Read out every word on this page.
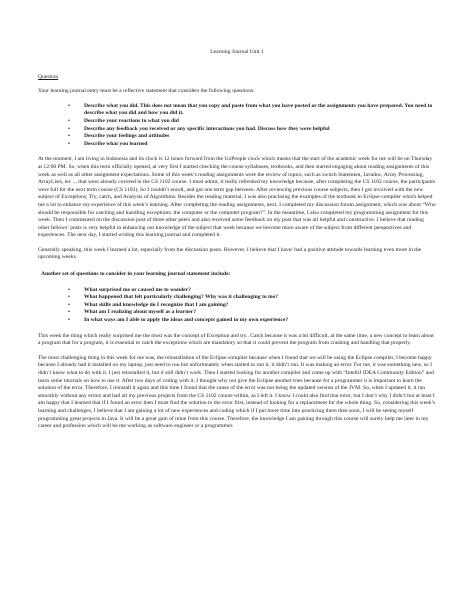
Learning Journal Unit 1
Question
Your learning journal entry must be a reflective statement that considers the following questions:
•	Describe what you did. This does not mean that you copy and paste from what you have posted or the assignments you have prepared. You need to describe what you did and how you did it.
•	Describe your reactions to what you did
•	Describe any feedback you received or any specific interactions you had. Discuss how they were helpful
•	Describe your feelings and attitudes
•	Describe what you learned
At the moment, I am living in Indonesia and its clock is 12 hours forward from the UoPeople clock which means that the start of the academic week for me will be on Thursday at 12:00 PM. So, when this term officially opened, at very first I started checking the course syllabuses, textbooks, and then started engaging about reading assignments of this week as well as all other assignment expectations. Some of this week’s reading assignments were the review of topics, such as switch Statement, Javadoc, Array Processing, ArrayLists, etc .., that were already covered in the CS 1102 course. I must admit, it really refreshed my knowledge because, after completing the CS 1102 course, the participants were full for the next term course (CS 1103), So I couldn’t enroll, and got one term gap between. After reviewing previous course subjects, then I got involved with the new subject of Exceptions, Try, catch, and Analysis of Algorithms. Besides the reading material, I was also practising the examples of the textbook in Eclipse compiler which helped me a lot to enhance my experience of this week’s learning. After completing the reading assignments, next, I completed my discussion forum assignment, which was about “Who should be responsible for catching and handling exceptions: the computer or the computer program?”. In the meantime, I also completed my programming assignment for this week. Then I commented on the discussion post of three other peers and also received some feedback on my post that was all helpful and constructive. I believe that reading other fellows’ posts is very helpful in enhancing our knowledge of the subject that week because we become more aware of the subject from different perspectives and experiences. The next day, I started writing this learning journal and completed it.
Generally speaking, this week I learned a lot, especially from the discussion posts. However, I believe that I have/ had a positive attitude towards learning even more in the upcoming weeks.
Another set of questions to consider in your learning journal statement include:
•	What surprised me or caused me to wonder?
•	What happened that felt particularly challenging? Why was it challenging to me?
•	What skills and knowledge do I recognize that I am gaining?
•	What am I realizing about myself as a learner?
•	In what ways am I able to apply the ideas and concepts gained to my own experience?
This week the thing which really surprised me the most was the concept of Exception and try.. Catch because it was a bit difficult, at the same time, a new concept to learn about a program that for a program, it is essential to catch the exceptions which are mandatory so that it could prevent the program from crashing and handling that properly.
The most challenging thing in this week for me was, the reinstallation of the Eclipse compiler because when I found that we will be using the Eclipse compiler, I become happy because I already had it installed on my laptop, just need to run but unfortunately when started to run it, it didn’t run. It was making an error. For me, it was something new, so I didn’t know what to do with it. I just reinstalled it, but it still didn’t work. Then I started looking for another compiler and come up with “IntelliJ IDEA Community Edition” and learn some tutorials on how to use it. After two days of coding with it, I thought why not give the Eclipse another tries because for a programmer it is important to learn the solution of the error. Therefore, I reinstall it again and this time I found that the cause of the error was not being the updated version of the JVM. So, when I updated it, it ran smoothly without any errors and had all my previous projects from the CS 1102 course within, as I left it. I know I could also find that error, but I don’t why I didn’t but at least I am happy that I learned that if I found an error then I must find the solution to the error first, instead of looking for a replacement for the whole thing. So, considering this week’s learning and challenges, I believe that I am gaining a lot of new experiences and coding which if I put more time into practicing them then soon, I will be seeing myself programming great projects in Java. It will be a great gain of mine from this course. Therefore, the knowledge I am gaining through this course will surely help me later in my career and profession which will be me working as software engineer or a programmer.
